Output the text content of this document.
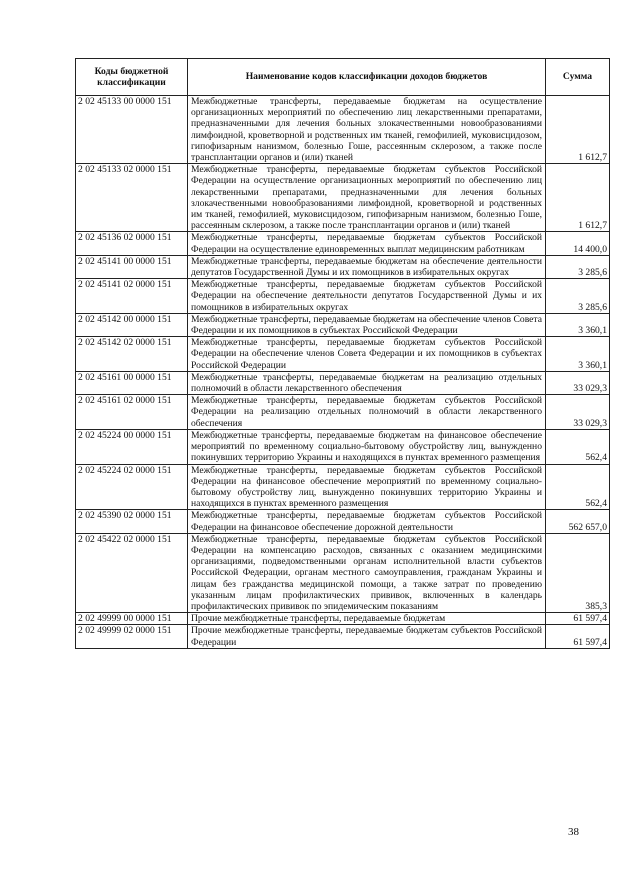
Коды бюджетной классификации	Наименование кодов классификации доходов бюджетов	Сумма
2 02 45133 00 0000 151	Межбюджетные трансферты, передаваемые бюджетам на осуществление организационных мероприятий по обеспечению лиц лекарственными препаратами, предназначенными для лечения больных злокачественными новообразованиями лимфоидной, кроветворной и родственных им тканей, гемофилией, муковисцидозом, гипофизарным нанизмом, болезнью Гоше, рассеянным склерозом, а также после трансплантации органов и (или) тканей	1 612,7
2 02 45133 02 0000 151	Межбюджетные трансферты, передаваемые бюджетам субъектов Российской Федерации на осуществление организационных мероприятий по обеспечению лиц лекарственными препаратами, предназначенными для лечения больных злокачественными новообразованиями лимфоидной, кроветворной и родственных им тканей, гемофилией, муковисцидозом, гипофизарным нанизмом, болезнью Гоше, рассеянным склерозом, а также после трансплантации органов и (или) тканей	1 612,7
2 02 45136 02 0000 151	Межбюджетные трансферты, передаваемые бюджетам субъектов Российской Федерации на осуществление единовременных выплат медицинским работникам	14 400,0
2 02 45141 00 0000 151	Межбюджетные трансферты, передаваемые бюджетам на обеспечение деятельности депутатов Государственной Думы и их помощников в избирательных округах	3 285,6
2 02 45141 02 0000 151	Межбюджетные трансферты, передаваемые бюджетам субъектов Российской Федерации на обеспечение деятельности депутатов Государственной Думы и их помощников в избирательных округах	3 285,6
2 02 45142 00 0000 151	Межбюджетные трансферты, передаваемые бюджетам на обеспечение членов Совета Федерации и их помощников в субъектах Российской Федерации	3 360,1
2 02 45142 02 0000 151	Межбюджетные трансферты, передаваемые бюджетам субъектов Российской Федерации на обеспечение членов Совета Федерации и их помощников в субъектах Российской Федерации	3 360,1
2 02 45161 00 0000 151	Межбюджетные трансферты, передаваемые бюджетам на реализацию отдельных полномочий в области лекарственного обеспечения	33 029,3
2 02 45161 02 0000 151	Межбюджетные трансферты, передаваемые бюджетам субъектов Российской Федерации на реализацию отдельных полномочий в области лекарственного обеспечения	33 029,3
2 02 45224 00 0000 151	Межбюджетные трансферты, передаваемые бюджетам на финансовое обеспечение мероприятий по временному социально-бытовому обустройству лиц, вынужденно покинувших территорию Украины и находящихся в пунктах временного размещения	562,4
2 02 45224 02 0000 151	Межбюджетные трансферты, передаваемые бюджетам субъектов Российской Федерации на финансовое обеспечение мероприятий по временному социально-бытовому обустройству лиц, вынужденно покинувших территорию Украины и находящихся в пунктах временного размещения	562,4
2 02 45390 02 0000 151	Межбюджетные трансферты, передаваемые бюджетам субъектов Российской Федерации на финансовое обеспечение дорожной деятельности	562 657,0
2 02 45422 02 0000 151	Межбюджетные трансферты, передаваемые бюджетам субъектов Российской Федерации на компенсацию расходов, связанных с оказанием медицинскими организациями, подведомственными органам исполнительной власти субъектов Российской Федерации, органам местного самоуправления, гражданам Украины и лицам без гражданства медицинской помощи, а также затрат по проведению указанным лицам профилактических прививок, включенных в календарь профилактических прививок по эпидемическим показаниям	385,3
2 02 49999 00 0000 151	Прочие межбюджетные трансферты, передаваемые бюджетам	61 597,4
2 02 49999 02 0000 151	Прочие межбюджетные трансферты, передаваемые бюджетам субъектов Российской Федерации	61 597,4
38
